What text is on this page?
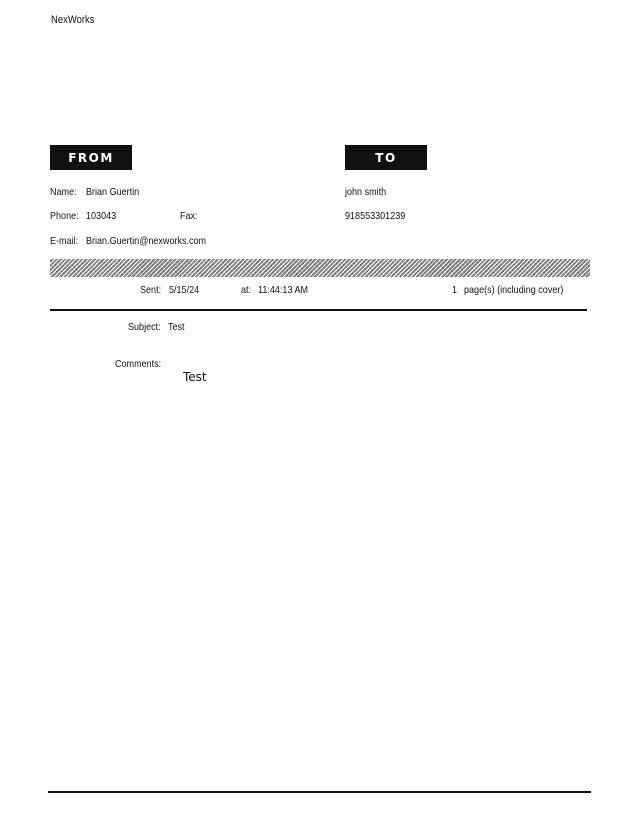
NexWorks
FROM	TO
Name: Brian Guertin
Phone: 103043	Fax:
E-mail: Brian.Guertin@nexworks.com
john smith
918553301239
Sent: 5/15/24	at: 11:44:13 AM	1 page(s) (including cover)
Subject: Test
Comments:
Test
